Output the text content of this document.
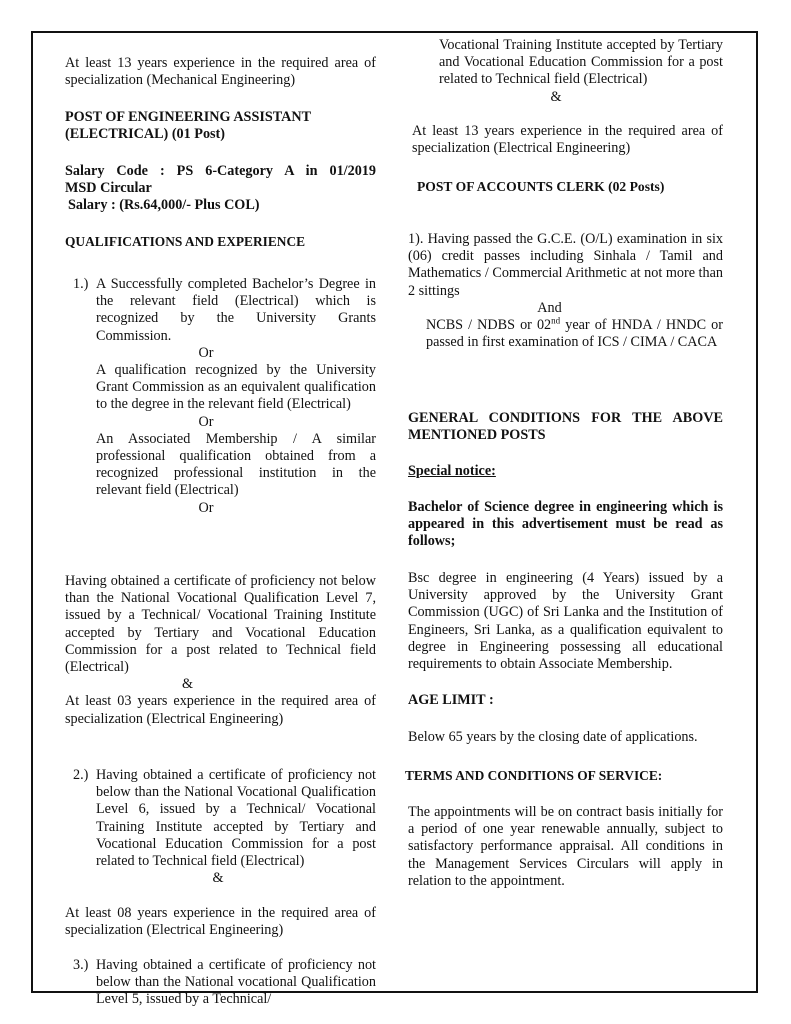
At least 13 years experience in the required area of specialization (Mechanical Engineering)

POST OF ENGINEERING ASSISTANT

(ELECTRICAL) (01 Post)

Salary Code : PS 6-Category A in 01/2019

MSD Circular

Salary : (Rs.64,000/- Plus COL)

QUALIFICATIONS AND EXPERIENCE

1.) A Successfully completed Bachelor’s Degree in the relevant field (Electrical) which is recognized by the University Grants Commission.

Or

A qualification recognized by the University Grant Commission as an equivalent qualification to the degree in the relevant field (Electrical)

Or

An Associated Membership / A similar professional qualification obtained from a recognized professional institution in the relevant field (Electrical)

Or

Having obtained a certificate of proficiency not below than the National Vocational Qualification Level 7, issued by a Technical/ Vocational Training Institute accepted by Tertiary and Vocational Education Commission for a post related to Technical field (Electrical)

&

At least 03 years experience in the required area of specialization (Electrical Engineering)

2.) Having obtained a certificate of proficiency not below than the National Vocational Qualification Level 6, issued by a Technical/ Vocational Training Institute accepted by Tertiary and Vocational Education Commission for a post related to Technical field (Electrical)

&

At least 08 years experience in the required area of specialization (Electrical Engineering)

3.) Having obtained a certificate of proficiency not below than the National vocational Qualification Level 5, issued by a Technical/

Vocational Training Institute accepted by Tertiary and Vocational Education Commission for a post related to Technical field (Electrical)

&

At least 13 years experience in the required area of specialization (Electrical Engineering)

POST OF ACCOUNTS CLERK (02 Posts)

1). Having passed the G.C.E. (O/L) examination in six (06) credit passes including Sinhala / Tamil and Mathematics / Commercial Arithmetic at not more than 2 sittings

And

NCBS / NDBS or 02nd year of HNDA / HNDC or passed in first examination of ICS / CIMA / CACA

GENERAL CONDITIONS FOR THE ABOVE MENTIONED POSTS

Special notice:

Bachelor of Science degree in engineering which is appeared in this advertisement must be read as follows;

Bsc degree in engineering (4 Years) issued by a University approved by the University Grant Commission (UGC) of Sri Lanka and the Institution of Engineers, Sri Lanka, as a qualification equivalent to degree in Engineering possessing all educational requirements to obtain Associate Membership.

AGE LIMIT :

Below 65 years by the closing date of applications.

TERMS AND CONDITIONS OF SERVICE:

The appointments will be on contract basis initially for a period of one year renewable annually, subject to satisfactory performance appraisal. All conditions in the Management Services Circulars will apply in relation to the appointment.
